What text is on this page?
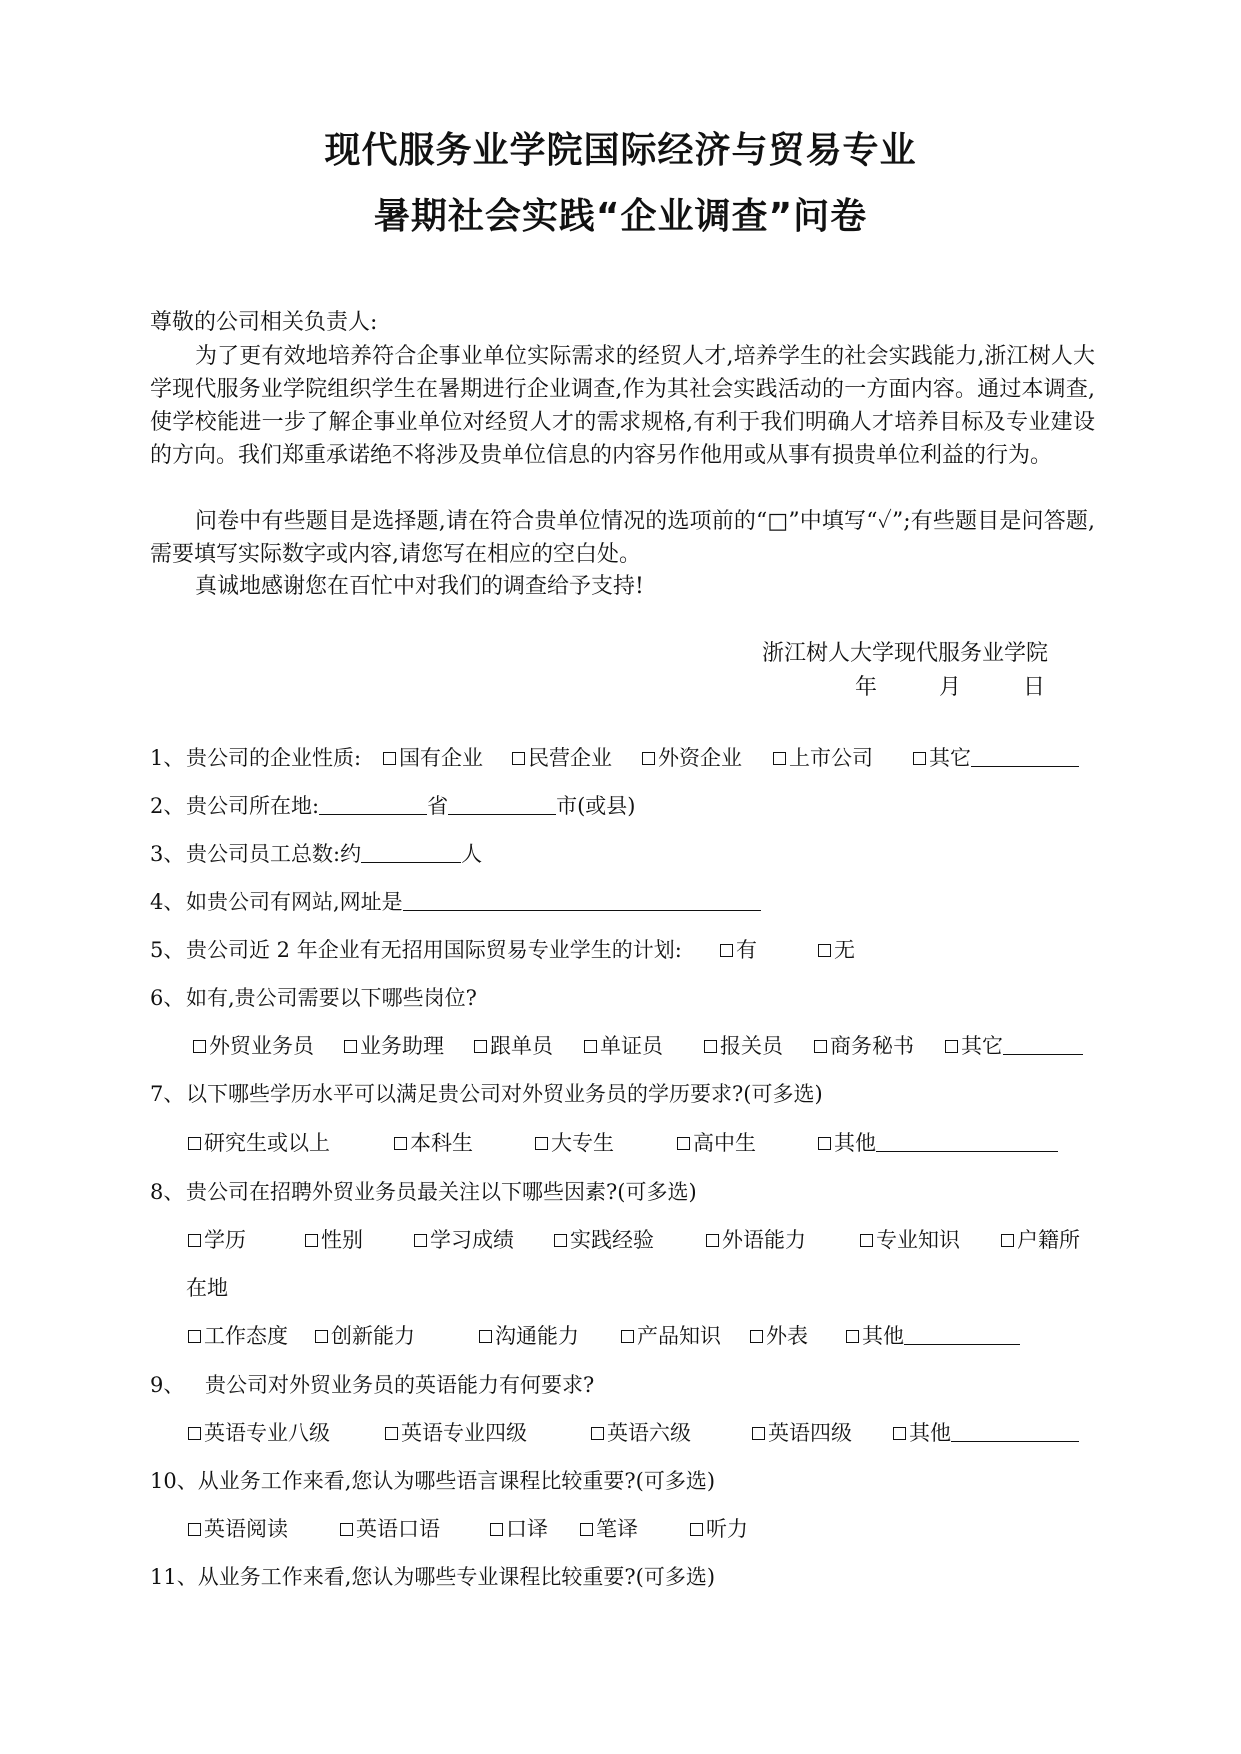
现代服务业学院国际经济与贸易专业
暑期社会实践“企业调查”问卷
尊敬的公司相关负责人:
为了更有效地培养符合企事业单位实际需求的经贸人才,培养学生的社会实践能力,浙江树人大学现代服务业学院组织学生在暑期进行企业调查,作为其社会实践活动的一方面内容。通过本调查,使学校能进一步了解企事业单位对经贸人才的需求规格,有利于我们明确人才培养目标及专业建设的方向。我们郑重承诺绝不将涉及贵单位信息的内容另作他用或从事有损贵单位利益的行为。
问卷中有些题目是选择题,请在符合贵单位情况的选项前的“□”中填写“✓”;有些题目是问答题,需要填写实际数字或内容,请您写在相应的空白处。
真诚地感谢您在百忙中对我们的调查给予支持!
浙江树人大学现代服务业学院
年	月	日
1、贵公司的企业性质:	国有企业	民营企业	外资企业	上市公司	其它
2、贵公司所在地:	省	市(或县)
3、贵公司员工总数:约	人
4、如贵公司有网站,网址是
5、贵公司近 2 年企业有无招用国际贸易专业学生的计划:	有	无
6、如有,贵公司需要以下哪些岗位?
外贸业务员	业务助理	跟单员	单证员	报关员	商务秘书	其它
7、以下哪些学历水平可以满足贵公司对外贸业务员的学历要求?(可多选)
研究生或以上	本科生	大专生	高中生	其他
8、贵公司在招聘外贸业务员最关注以下哪些因素?(可多选)
学历	性别	学习成绩	实践经验	外语能力	专业知识	户籍所
在地
工作态度	创新能力	沟通能力	产品知识	外表	其他
9、 贵公司对外贸业务员的英语能力有何要求?
英语专业八级	英语专业四级	英语六级	英语四级	其他
10、从业务工作来看,您认为哪些语言课程比较重要?(可多选)
英语阅读	英语口语	口译	笔译	听力
11、从业务工作来看,您认为哪些专业课程比较重要?(可多选)
